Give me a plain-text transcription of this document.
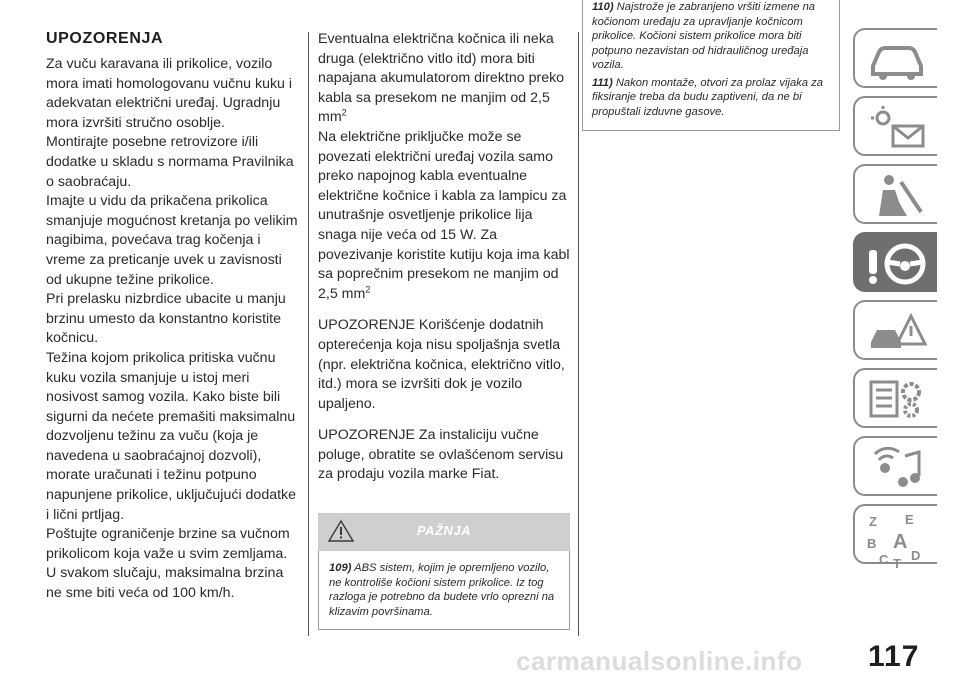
UPOZORENJA

Za vuču karavana ili prikolice, vozilo mora imati homologovanu vučnu kuku i adekvatan električni uređaj. Ugradnju mora izvršiti stručno osoblje.

Montirajte posebne retrovizore i/ili dodatke u skladu s normama Pravilnika o saobraćaju.

Imajte u vidu da prikačena prikolica smanjuje mogućnost kretanja po velikim nagibima, povećava trag kočenja i vreme za preticanje uvek u zavisnosti od ukupne težine prikolice.

Pri prelasku nizbrdice ubacite u manju brzinu umesto da konstantno koristite kočnicu.

Težina kojom prikolica pritiska vučnu kuku vozila smanjuje u istoj meri nosivost samog vozila. Kako biste bili sigurni da nećete premašiti maksimalnu dozvoljenu težinu za vuču (koja je navedena u saobraćajnoj dozvoli), morate uračunati i težinu potpuno napunjene prikolice, uključujući dodatke i lični prtljag.

Poštujte ograničenje brzine sa vučnom prikolicom koja važe u svim zemljama. U svakom slučaju, maksimalna brzina ne sme biti veća od 100 km/h.

Eventualna električna kočnica ili neka druga (električno vitlo itd) mora biti napajana akumulatorom direktno preko kabla sa presekom ne manjim od 2,5 $mm^2$

Na električne priključke može se povezati električni uređaj vozila samo preko napojnog kabla eventualne električne kočnice i kabla za lampicu za unutrašnje osvetljenje prikolice lija snaga nije veća od 15 W. Za povezivanje koristite kutiju koja ima kabl sa poprečnim presekom ne manjim od 2,5 $mm^2$

UPOZORENJE Korišćenje dodatnih opterećenja koja nisu spoljašnja svetla (npr. električna kočnica, električno vitlo, itd.) mora se izvršiti dok je vozilo upaljeno.

UPOZORENJE Za instaliciju vučne poluge, obratite se ovlašćenom servisu za prodaju vozila marke Fiat.

PAŽNJA
109) ABS sistem, kojim je opremljeno vozilo, ne kontroliše kočioni sistem prikolice. Iz tog razloga je potrebno da budete vrlo oprezni na klizavim površinama.

110) Najstrože je zabranjeno vršiti izmene na kočionom uređaju za upravljanje kočnicom prikolice. Kočioni sistem prikolice mora biti potpuno nezavistan od hidrauličnog uređaja vozila.

111) Nakon montaže, otvori za prolaz vijaka za fiksiranje treba da budu zaptiveni, da ne bi propuštali izduvne gasove.

Z E
B A
C T
D
carmanualsonline.info 117
